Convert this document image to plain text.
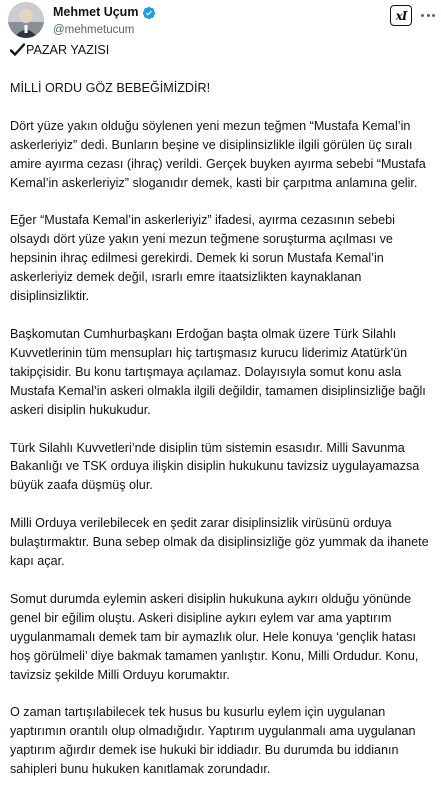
Mehmet Uçum
@mehmetucum
xI

PAZAR YAZISI

MİLLİ ORDU GÖZ BEBEĞİMİZDİR!

Dört yüze yakın olduğu söylenen yeni mezun teğmen “Mustafa Kemal’in askerleriyiz” dedi. Bunların beşine ve disiplinsizlikle ilgili görülen üç sıralı amire ayırma cezası (ihraç) verildi. Gerçek buyken ayırma sebebi “Mustafa Kemal’in askerleriyiz” sloganıdır demek, kasti bir çarpıtma anlamına gelir.

Eğer “Mustafa Kemal’in askerleriyiz” ifadesi, ayırma cezasının sebebi olsaydı dört yüze yakın yeni mezun teğmene soruşturma açılması ve hepsinin ihraç edilmesi gerekirdi. Demek ki sorun Mustafa Kemal’in askerleriyiz demek değil, ısrarlı emre itaatsizlikten kaynaklanan disiplinsizliktir.

Başkomutan Cumhurbaşkanı Erdoğan başta olmak üzere Türk Silahlı Kuvvetlerinin tüm mensupları hiç tartışmasız kurucu liderimiz Atatürk'ün takipçisidir. Bu konu tartışmaya açılamaz. Dolayısıyla somut konu asla Mustafa Kemal’in askeri olmakla ilgili değildir, tamamen disiplinsizliğe bağlı askeri disiplin hukukudur.

Türk Silahlı Kuvvetleri’nde disiplin tüm sistemin esasıdır. Milli Savunma Bakanlığı ve TSK orduya ilişkin disiplin hukukunu tavizsiz uygulayamazsa büyük zaafa düşmüş olur.

Milli Orduya verilebilecek en şedit zarar disiplinsizlik virüsünü orduya bulaştırmaktır. Buna sebep olmak da disiplinsizliğe göz yummak da ihanete kapı açar.

Somut durumda eylemin askeri disiplin hukukuna aykırı olduğu yönünde genel bir eğilim oluştu. Askeri disipline aykırı eylem var ama yaptırım uygulanmamalı demek tam bir aymazlık olur. Hele konuya ‘gençlik hatası hoş görülmeli’ diye bakmak tamamen yanlıştır. Konu, Milli Ordudur. Konu, tavizsiz şekilde Milli Orduyu korumaktır.

O zaman tartışılabilecek tek husus bu kusurlu eylem için uygulanan yaptırımın orantılı olup olmadığıdır. Yaptırım uygulanmalı ama uygulanan yaptırım ağırdır demek ise hukuki bir iddiadır. Bu durumda bu iddianın sahipleri bunu hukuken kanıtlamak zorundadır.
